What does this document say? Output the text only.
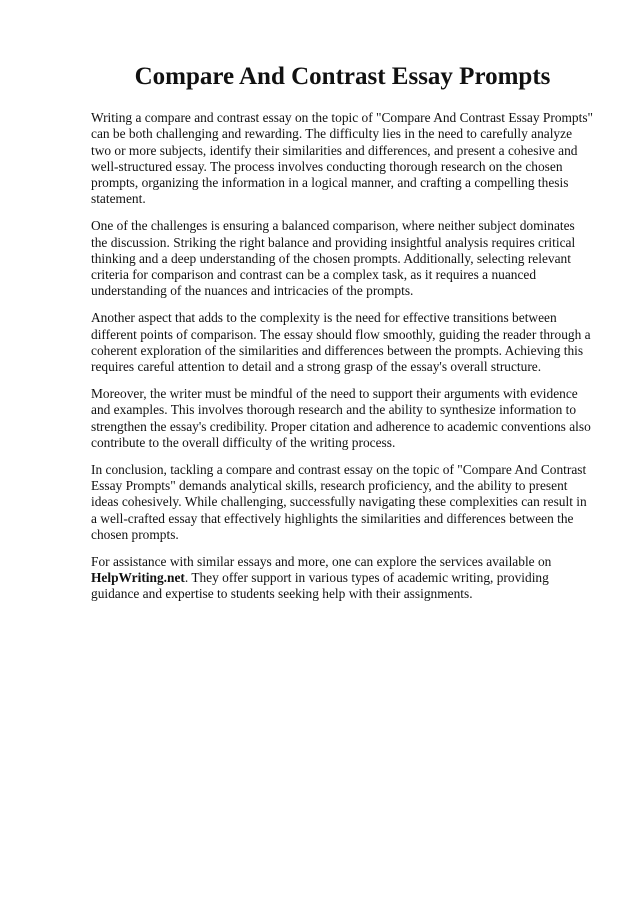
Compare And Contrast Essay Prompts

Writing a compare and contrast essay on the topic of "Compare And Contrast Essay Prompts" can be both challenging and rewarding. The difficulty lies in the need to carefully analyze two or more subjects, identify their similarities and differences, and present a cohesive and well-structured essay. The process involves conducting thorough research on the chosen prompts, organizing the information in a logical manner, and crafting a compelling thesis statement.

One of the challenges is ensuring a balanced comparison, where neither subject dominates the discussion. Striking the right balance and providing insightful analysis requires critical thinking and a deep understanding of the chosen prompts. Additionally, selecting relevant criteria for comparison and contrast can be a complex task, as it requires a nuanced understanding of the nuances and intricacies of the prompts.

Another aspect that adds to the complexity is the need for effective transitions between different points of comparison. The essay should flow smoothly, guiding the reader through a coherent exploration of the similarities and differences between the prompts. Achieving this requires careful attention to detail and a strong grasp of the essay's overall structure.

Moreover, the writer must be mindful of the need to support their arguments with evidence and examples. This involves thorough research and the ability to synthesize information to strengthen the essay's credibility. Proper citation and adherence to academic conventions also contribute to the overall difficulty of the writing process.

In conclusion, tackling a compare and contrast essay on the topic of "Compare And Contrast Essay Prompts" demands analytical skills, research proficiency, and the ability to present ideas cohesively. While challenging, successfully navigating these complexities can result in a well-crafted essay that effectively highlights the similarities and differences between the chosen prompts.

For assistance with similar essays and more, one can explore the services available on HelpWriting.net. They offer support in various types of academic writing, providing guidance and expertise to students seeking help with their assignments.
